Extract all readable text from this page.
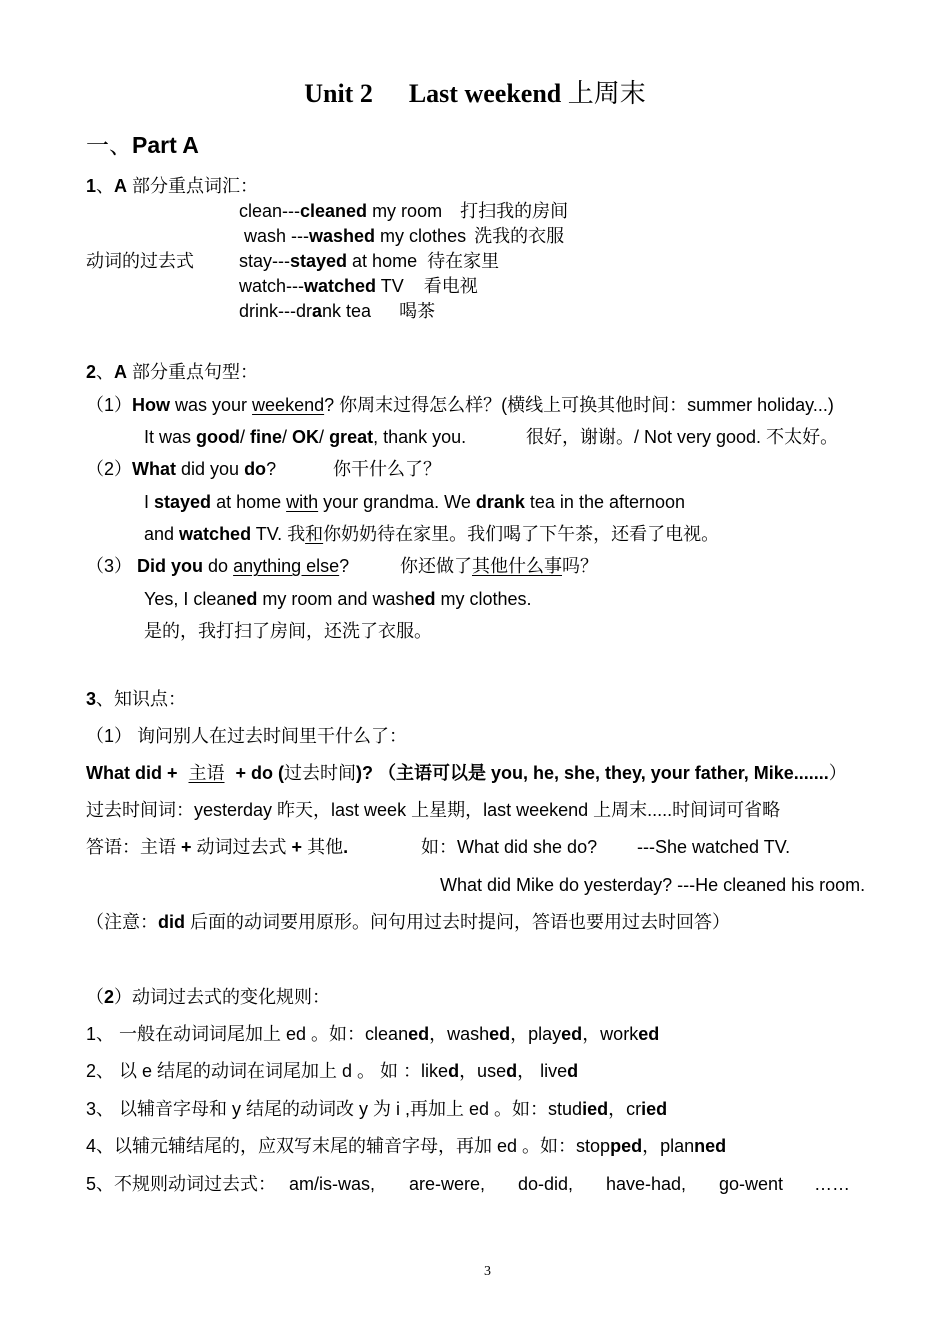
Unit 2 Last weekend 上周末
一、Part A
1、A 部分重点词汇：
clean---cleaned my room 打扫我的房间
wash ---washed my clothes 洗我的衣服
动词的过去式	stay---stayed at home 待在家里
watch---watched TV 看电视
drink---drank tea 喝茶
2、A 部分重点句型：
（1）How was your weekend? 你周末过得怎么样？(横线上可换其他时间：summer holiday...)
It was good/ fine/ OK/ great, thank you.	很好，谢谢。/ Not very good. 不太好。
（2）What did you do?	你干什么了？
I stayed at home with your grandma. We drank tea in the afternoon
and watched TV. 我和你奶奶待在家里。我们喝了下午茶，还看了电视。
（3） Did you do anything else?	你还做了其他什么事吗？
Yes, I cleaned my room and washed my clothes.
是的，我打扫了房间，还洗了衣服。
3、知识点：
（1） 询问别人在过去时间里干什么了：
What did + 主语 + do (过去时间)? （主语可以是 you, he, she, they, your father, Mike.......）
过去时间词：yesterday 昨天，last week 上星期，last weekend 上周末.....时间词可省略
答语：主语 + 动词过去式 + 其他.	如：What did she do? ---She watched TV.
What did Mike do yesterday? ---He cleaned his room.
（注意：did 后面的动词要用原形。问句用过去时提问，答语也要用过去时回答）
（2）动词过去式的变化规则：
1、 一般在动词词尾加上 ed 。如：cleaned，washed，played，worked
2、 以 e 结尾的动词在词尾加上 d 。 如 ：liked，used， lived
3、 以辅音字母和 y 结尾的动词改 y 为 i ,再加上 ed 。如：studied，cried
4、以辅元辅结尾的，应双写末尾的辅音字母，再加 ed 。如：stopped，planned
5、不规则动词过去式： am/is-was, are-were, do-did, have-had, go-went ……
3
